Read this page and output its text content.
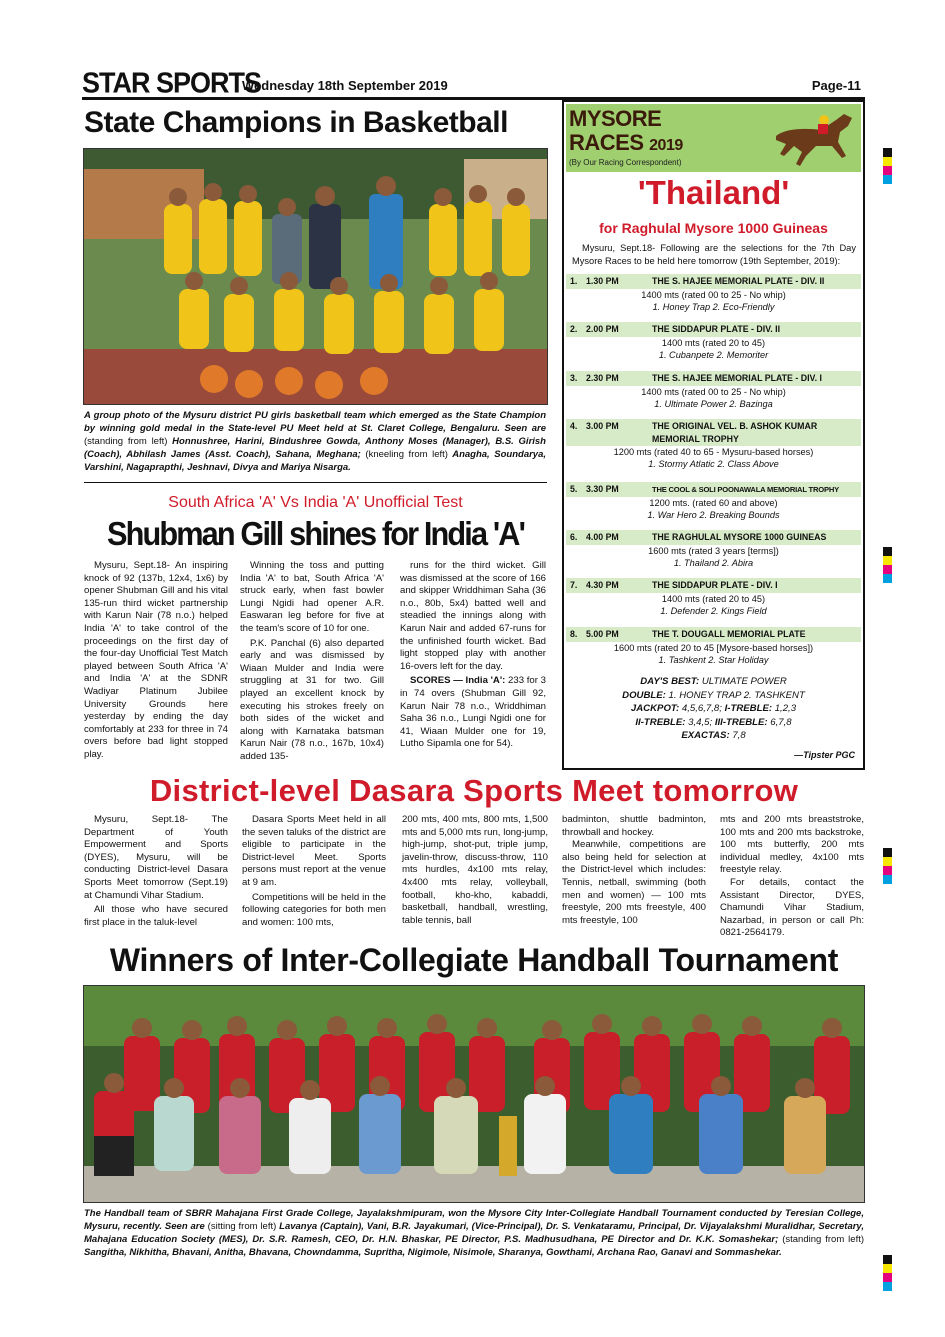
STAR SPORTS
Wednesday 18th September 2019	Page-11
State Champions in Basketball
A group photo of the Mysuru district PU girls basketball team which emerged as the State Champion by winning gold medal in the State-level PU Meet held at St. Claret College, Bengaluru. Seen are (standing from left) Honnushree, Harini, Bindushree Gowda, Anthony Moses (Manager), B.S. Girish (Coach), Abhilash James (Asst. Coach), Sahana, Meghana; (kneeling from left) Anagha, Soundarya, Varshini, Nagaprapthi, Jeshnavi, Divya and Mariya Nisarga.
South Africa 'A' Vs India 'A' Unofficial Test
Shubman Gill shines for India 'A'

Mysuru, Sept.18- An inspiring knock of 92 (137b, 12x4, 1x6) by opener Shubman Gill and his vital 135-run third wicket partnership with Karun Nair (78 n.o.) helped India 'A' to take control of the proceedings on the first day of the four-day Unofficial Test Match played between South Africa 'A' and India 'A' at the SDNR Wadiyar Platinum Jubilee University Grounds here yesterday by ending the day comfortably at 233 for three in 74 overs before bad light stopped play.

Winning the toss and putting India 'A' to bat, South Africa 'A' struck early, when fast bowler Lungi Ngidi had opener A.R. Easwaran leg before for five at the team's score of 10 for one.

P.K. Panchal (6) also departed early and was dismissed by Wiaan Mulder and India were struggling at 31 for two. Gill played an excellent knock by executing his strokes freely on both sides of the wicket and along with Karnataka batsman Karun Nair (78 n.o., 167b, 10x4) added 135-

runs for the third wicket. Gill was dismissed at the score of 166 and skipper Wriddhiman Saha (36 n.o., 80b, 5x4) batted well and steadied the innings along with Karun Nair and added 67-runs for the unfinished fourth wicket. Bad light stopped play with another 16-overs left for the day.

SCORES — India 'A': 233 for 3 in 74 overs (Shubman Gill 92, Karun Nair 78 n.o., Wriddhiman Saha 36 n.o., Lungi Ngidi one for 41, Wiaan Mulder one for 19, Lutho Sipamla one for 54).

MYSORE
RACES 2019
(By Our Racing Correspondent)
'Thailand'
for Raghulal Mysore 1000 Guineas
Mysuru, Sept.18- Following are the selections for the 7th Day Mysore Races to be held here tomorrow (19th September, 2019):
1. 1.30 PM	THE S. HAJEE MEMORIAL PLATE - DIV. II
1400 mts (rated 00 to 25 - No whip)
1. Honey Trap 2. Eco-Friendly
2. 2.00 PM	THE SIDDAPUR PLATE - DIV. II
1400 mts (rated 20 to 45)
1. Cubanpete 2. Memoriter
3. 2.30 PM	THE S. HAJEE MEMORIAL PLATE - DIV. I
1400 mts (rated 00 to 25 - No whip)
1. Ultimate Power 2. Bazinga
4. 3.00 PM	THE ORIGINAL VEL. B. ASHOK KUMAR MEMORIAL TROPHY
1200 mts (rated 40 to 65 - Mysuru-based horses)
1. Stormy Atlatic 2. Class Above
5. 3.30 PM	THE COOL & SOLI POONAWALA MEMORIAL TROPHY
1200 mts. (rated 60 and above)
1. War Hero 2. Breaking Bounds
6. 4.00 PM	THE RAGHULAL MYSORE 1000 GUINEAS
1600 mts (rated 3 years [terms])
1. Thailand 2. Abira
7. 4.30 PM	THE SIDDAPUR PLATE - DIV. I
1400 mts (rated 20 to 45)
1. Defender 2. Kings Field
8. 5.00 PM	THE T. DOUGALL MEMORIAL PLATE
1600 mts (rated 20 to 45 [Mysore-based horses])
1. Tashkent 2. Star Holiday
DAY'S BEST: ULTIMATE POWER
DOUBLE: 1. HONEY TRAP 2. TASHKENT
JACKPOT: 4,5,6,7,8; I-TREBLE: 1,2,3
II-TREBLE: 3,4,5; III-TREBLE: 6,7,8
EXACTAS: 7,8
—Tipster PGC
District-level Dasara Sports Meet tomorrow

Mysuru, Sept.18- The Department of Youth Empowerment and Sports (DYES), Mysuru, will be conducting District-level Dasara Sports Meet tomorrow (Sept.19) at Chamundi Vihar Stadium.

All those who have secured first place in the taluk-level

Dasara Sports Meet held in all the seven taluks of the district are eligible to participate in the District-level Meet. Sports persons must report at the venue at 9 am.

Competitions will be held in the following categories for both men and women: 100 mts,

200 mts, 400 mts, 800 mts, 1,500 mts and 5,000 mts run, long-jump, high-jump, shot-put, triple jump, javelin-throw, discuss-throw, 110 mts hurdles, 4x100 mts relay, 4x400 mts relay, volleyball, football, kho-kho, kabaddi, basketball, handball, wrestling, table tennis, ball

badminton, shuttle badminton, throwball and hockey.

Meanwhile, competitions are also being held for selection at the District-level which includes: Tennis, netball, swimming (both men and women) — 100 mts freestyle, 200 mts freestyle, 400 mts freestyle, 100

mts and 200 mts breaststroke, 100 mts and 200 mts backstroke, 100 mts butterfly, 200 mts individual medley, 4x100 mts freestyle relay.

For details, contact the Assistant Director, DYES, Chamundi Vihar Stadium, Nazarbad, in person or call Ph: 0821-2564179.

Winners of Inter-Collegiate Handball Tournament
The Handball team of SBRR Mahajana First Grade College, Jayalakshmipuram, won the Mysore City Inter-Collegiate Handball Tournament conducted by Teresian College, Mysuru, recently. Seen are (sitting from left) Lavanya (Captain), Vani, B.R. Jayakumari, (Vice-Principal), Dr. S. Venkataramu, Principal, Dr. Vijayalakshmi Muralidhar, Secretary, Mahajana Education Society (MES), Dr. S.R. Ramesh, CEO, Dr. H.N. Bhaskar, PE Director, P.S. Madhusudhana, PE Director and Dr. K.K. Somashekar; (standing from left) Sangitha, Nikhitha, Bhavani, Anitha, Bhavana, Chowndamma, Supritha, Nigimole, Nisimole, Sharanya, Gowthami, Archana Rao, Ganavi and Sommashekar.
